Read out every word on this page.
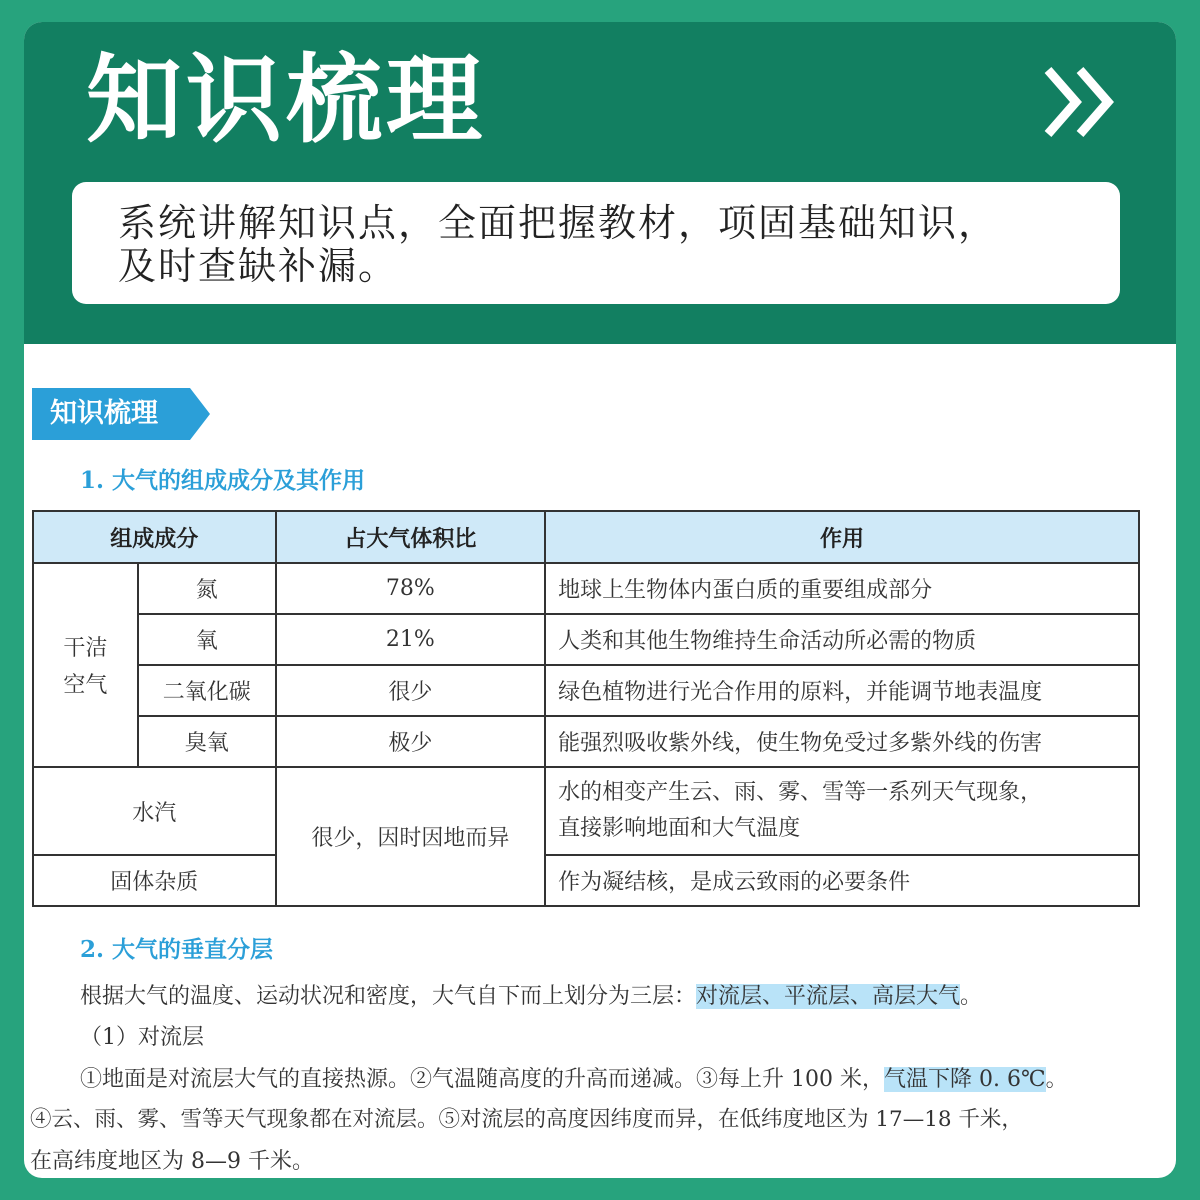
知识梳理
系统讲解知识点，全面把握教材，项固基础知识，
及时查缺补漏。
知识梳理
1. 大气的组成成分及其作用
组成成分		占大气体积比	作用

干洁
空气	氮	78%	地球上生物体内蛋白质的重要组成部分
	氧	21%	人类和其他生物维持生命活动所必需的物质
	二氧化碳	很少	绿色植物进行光合作用的原料，并能调节地表温度
	臭氧	极少	能强烈吸收紫外线，使生物免受过多紫外线的伤害
水汽		很少，因时因地而异	水的相变产生云、雨、雾、雪等一系列天气现象，
直接影响地面和大气温度

固体杂质			作为凝结核，是成云致雨的必要条件
2. 大气的垂直分层
根据大气的温度、运动状况和密度，大气自下而上划分为三层：对流层、平流层、高层大气。
（1）对流层
①地面是对流层大气的直接热源。②气温随高度的升高而递减。③每上升 100 米，气温下降 0. 6℃。
④云、雨、雾、雪等天气现象都在对流层。⑤对流层的高度因纬度而异，在低纬度地区为 17—18 千米，
在高纬度地区为 8—9 千米。
